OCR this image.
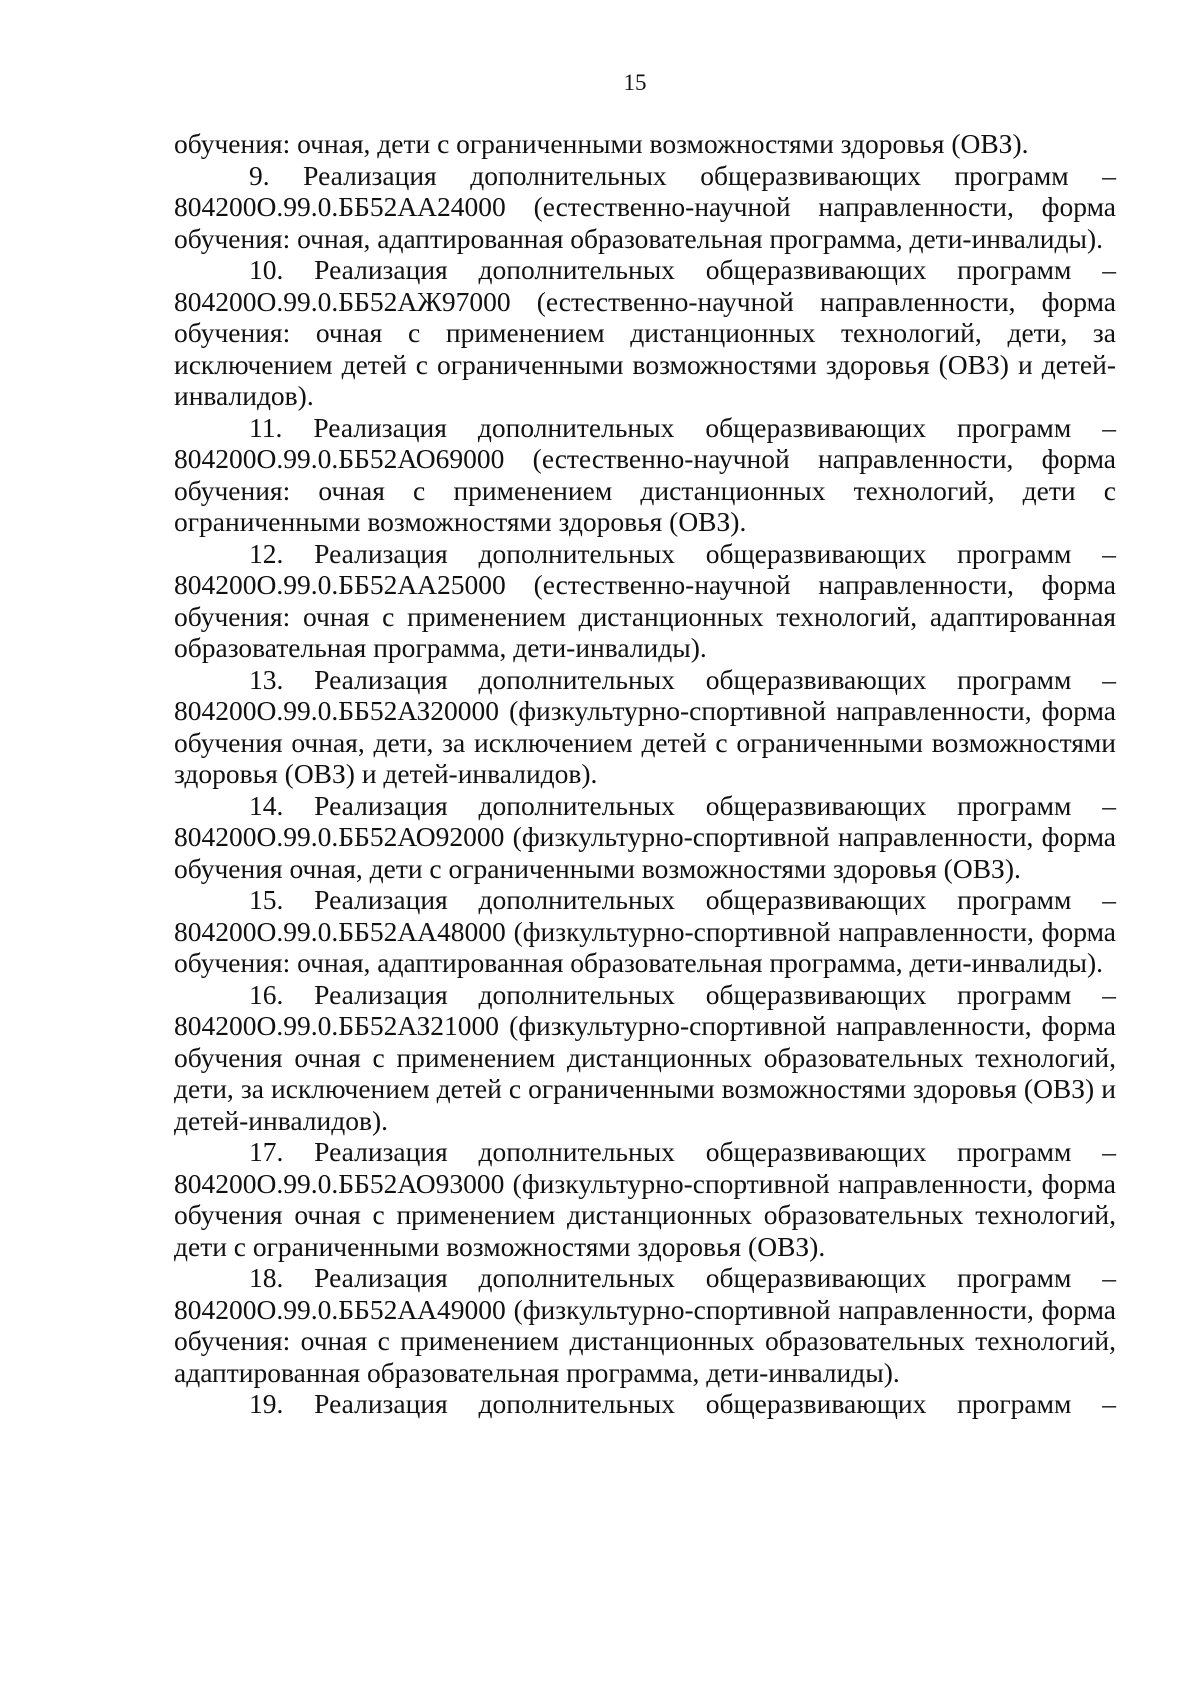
15

обучения: очная, дети с ограниченными возможностями здоровья (ОВЗ).

9. Реализация дополнительных общеразвивающих программ – 804200О.99.0.ББ52АА24000 (естественно-научной направленности, форма обучения: очная, адаптированная образовательная программа, дети-инвалиды).

10. Реализация дополнительных общеразвивающих программ – 804200О.99.0.ББ52АЖ97000 (естественно-научной направленности, форма обучения: очная с применением дистанционных технологий, дети, за исключением детей с ограниченными возможностями здоровья (ОВЗ) и детей-инвалидов).

11. Реализация дополнительных общеразвивающих программ – 804200О.99.0.ББ52АО69000 (естественно-научной направленности, форма обучения: очная с применением дистанционных технологий, дети с ограниченными возможностями здоровья (ОВЗ).

12. Реализация дополнительных общеразвивающих программ – 804200О.99.0.ББ52АА25000 (естественно-научной направленности, форма обучения: очная с применением дистанционных технологий, адаптированная образовательная программа, дети-инвалиды).

13. Реализация дополнительных общеразвивающих программ – 804200О.99.0.ББ52АЗ20000 (физкультурно-спортивной направленности, форма обучения очная, дети, за исключением детей с ограниченными возможностями здоровья (ОВЗ) и детей-инвалидов).

14. Реализация дополнительных общеразвивающих программ – 804200О.99.0.ББ52АО92000 (физкультурно-спортивной направленности, форма обучения очная, дети с ограниченными возможностями здоровья (ОВЗ).

15. Реализация дополнительных общеразвивающих программ – 804200О.99.0.ББ52АА48000 (физкультурно-спортивной направленности, форма обучения: очная, адаптированная образовательная программа, дети-инвалиды).

16. Реализация дополнительных общеразвивающих программ – 804200О.99.0.ББ52АЗ21000 (физкультурно-спортивной направленности, форма обучения очная с применением дистанционных образовательных технологий, дети, за исключением детей с ограниченными возможностями здоровья (ОВЗ) и детей-инвалидов).

17. Реализация дополнительных общеразвивающих программ – 804200О.99.0.ББ52АО93000 (физкультурно-спортивной направленности, форма обучения очная с применением дистанционных образовательных технологий, дети с ограниченными возможностями здоровья (ОВЗ).

18. Реализация дополнительных общеразвивающих программ – 804200О.99.0.ББ52АА49000 (физкультурно-спортивной направленности, форма обучения: очная с применением дистанционных образовательных технологий, адаптированная образовательная программа, дети-инвалиды).

19. Реализация дополнительных общеразвивающих программ –
